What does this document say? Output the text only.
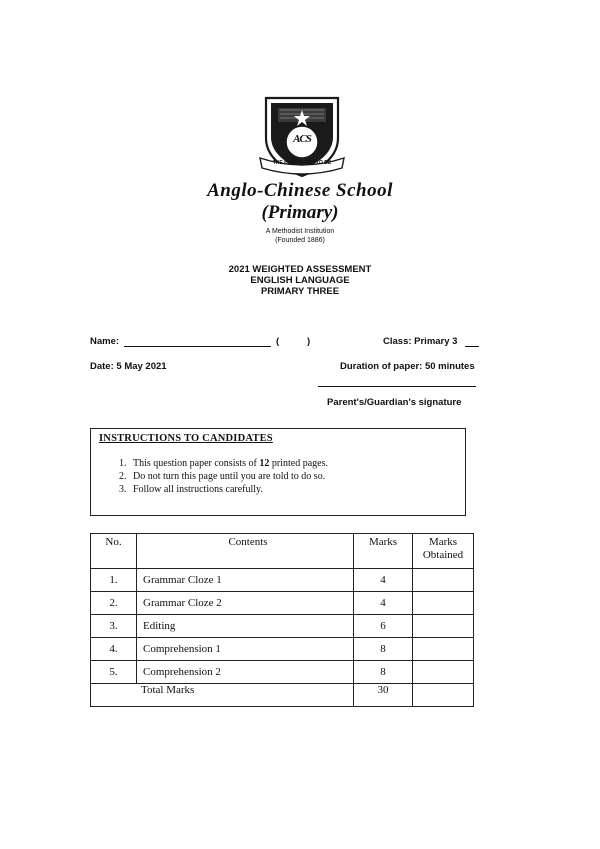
ACS
THE BEST IS YET TO BE
Anglo-Chinese School
(Primary)
A Methodist Institution
(Founded 1886)
2021 WEIGHTED ASSESSMENT
ENGLISH LANGUAGE
PRIMARY THREE
Name:	(	)	Class: Primary 3
Date: 5 May 2021	Duration of paper: 50 minutes
Parent's/Guardian's signature
INSTRUCTIONS TO CANDIDATES
1. This question paper consists of 12 printed pages.
2. Do not turn this page until you are told to do so.
3. Follow all instructions carefully.
No.	Contents	Marks	Marks
Obtained

1.	Grammar Cloze 1	4	
2.	Grammar Cloze 2	4	
3.	Editing	6	
4.	Comprehension 1	8	
5.	Comprehension 2	8	
Total Marks		30	
